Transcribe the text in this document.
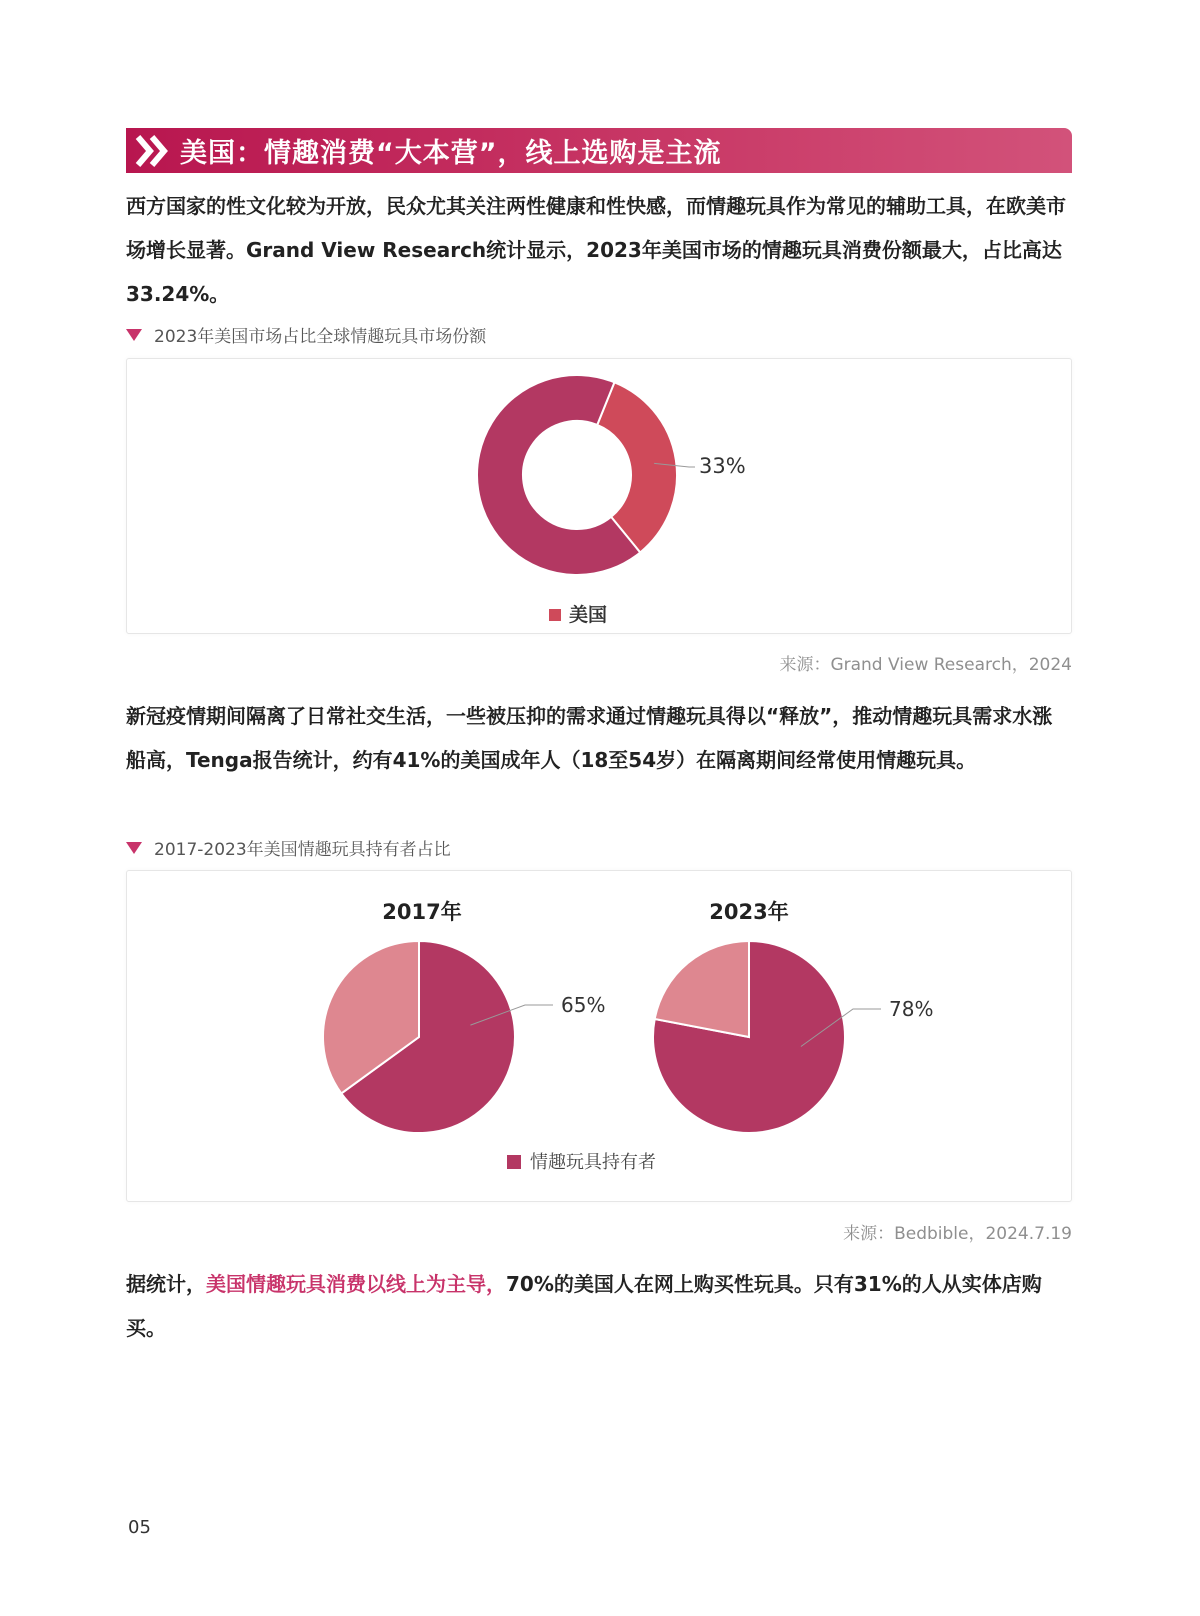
美国：情趣消费“大本营”，线上选购是主流
西方国家的性文化较为开放，民众尤其关注两性健康和性快感，而情趣玩具作为常见的辅助工具，在欧美市场增长显著。Grand View Research统计显示，2023年美国市场的情趣玩具消费份额最大，占比高达33.24%。
2023年美国市场占比全球情趣玩具市场份额
33%
美国
来源：Grand View Research，2024
新冠疫情期间隔离了日常社交生活，一些被压抑的需求通过情趣玩具得以“释放”，推动情趣玩具需求水涨船高，Tenga报告统计，约有41%的美国成年人（18至54岁）在隔离期间经常使用情趣玩具。
2017-2023年美国情趣玩具持有者占比
2017年	2023年
65%	78%
情趣玩具持有者
来源：Bedbible，2024.7.19
据统计，美国情趣玩具消费以线上为主导，70%的美国人在网上购买性玩具。只有31%的人从实体店购买。
05
